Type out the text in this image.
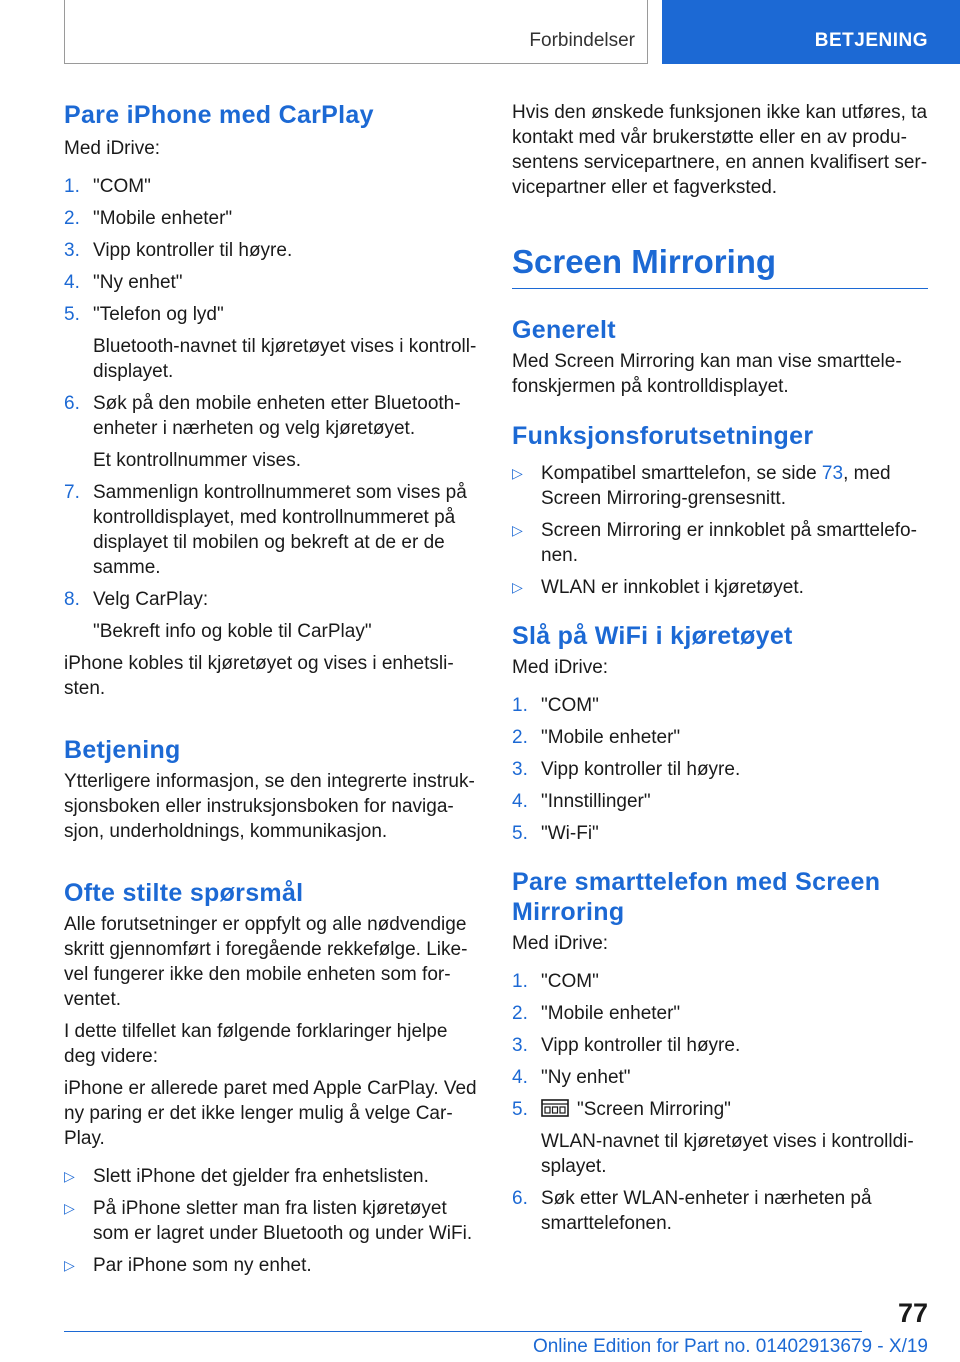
Forbindelser	BETJENING
Pare iPhone med CarPlay

Med iDrive:

1. "COM"
2. "Mobile enheter"
3. Vipp kontroller til høyre.
4. "Ny enhet"
5. "Telefon og lyd"
Bluetooth-navnet til kjøretøyet vises i kontrolldisplayet.
6. Søk på den mobile enheten etter Bluetooth-enheter i nærheten og velg kjøretøyet.
Et kontrollnummer vises.
7. Sammenlign kontrollnummeret som vises på kontrolldisplayet, med kontrollnummeret på displayet til mobilen og bekreft at de er de samme.
8. Velg CarPlay:
"Bekreft info og koble til CarPlay"

iPhone kobles til kjøretøyet og vises i enhetslisten.

Betjening

Ytterligere informasjon, se den integrerte instruksjonsboken eller instruksjonsboken for navigasjon, underholdnings, kommunikasjon.

Ofte stilte spørsmål

Alle forutsetninger er oppfylt og alle nødvendige skritt gjennomført i foregående rekkefølge. Likevel fungerer ikke den mobile enheten som forventet.

I dette tilfellet kan følgende forklaringer hjelpe deg videre:

iPhone er allerede paret med Apple CarPlay. Ved ny paring er det ikke lenger mulig å velge CarPlay.

▷ Slett iPhone det gjelder fra enhetslisten.
▷ På iPhone sletter man fra listen kjøretøyet som er lagret under Bluetooth og under WiFi.
▷ Par iPhone som ny enhet.

Hvis den ønskede funksjonen ikke kan utføres, ta kontakt med vår brukerstøtte eller en av produsentens servicepartnere, en annen kvalifisert servicepartner eller et fagverksted.

Screen Mirroring
Generelt

Med Screen Mirroring kan man vise smarttelefonskjermen på kontrolldisplayet.

Funksjonsforutsetninger
▷ Kompatibel smarttelefon, se side 73, med Screen Mirroring-grensesnitt.
▷ Screen Mirroring er innkoblet på smarttelefonen.
▷ WLAN er innkoblet i kjøretøyet.
Slå på WiFi i kjøretøyet

Med iDrive:

1. "COM"
2. "Mobile enheter"
3. Vipp kontroller til høyre.
4. "Innstillinger"
5. "Wi-Fi"
Pare smarttelefon med Screen Mirroring

Med iDrive:

1. "COM"
2. "Mobile enheter"
3. Vipp kontroller til høyre.
4. "Ny enhet"
5.	"Screen Mirroring"
WLAN-navnet til kjøretøyet vises i kontrolldisplayet.
6. Søk etter WLAN-enheter i nærheten på smarttelefonen.
77
Online Edition for Part no. 01402913679 - X/19
